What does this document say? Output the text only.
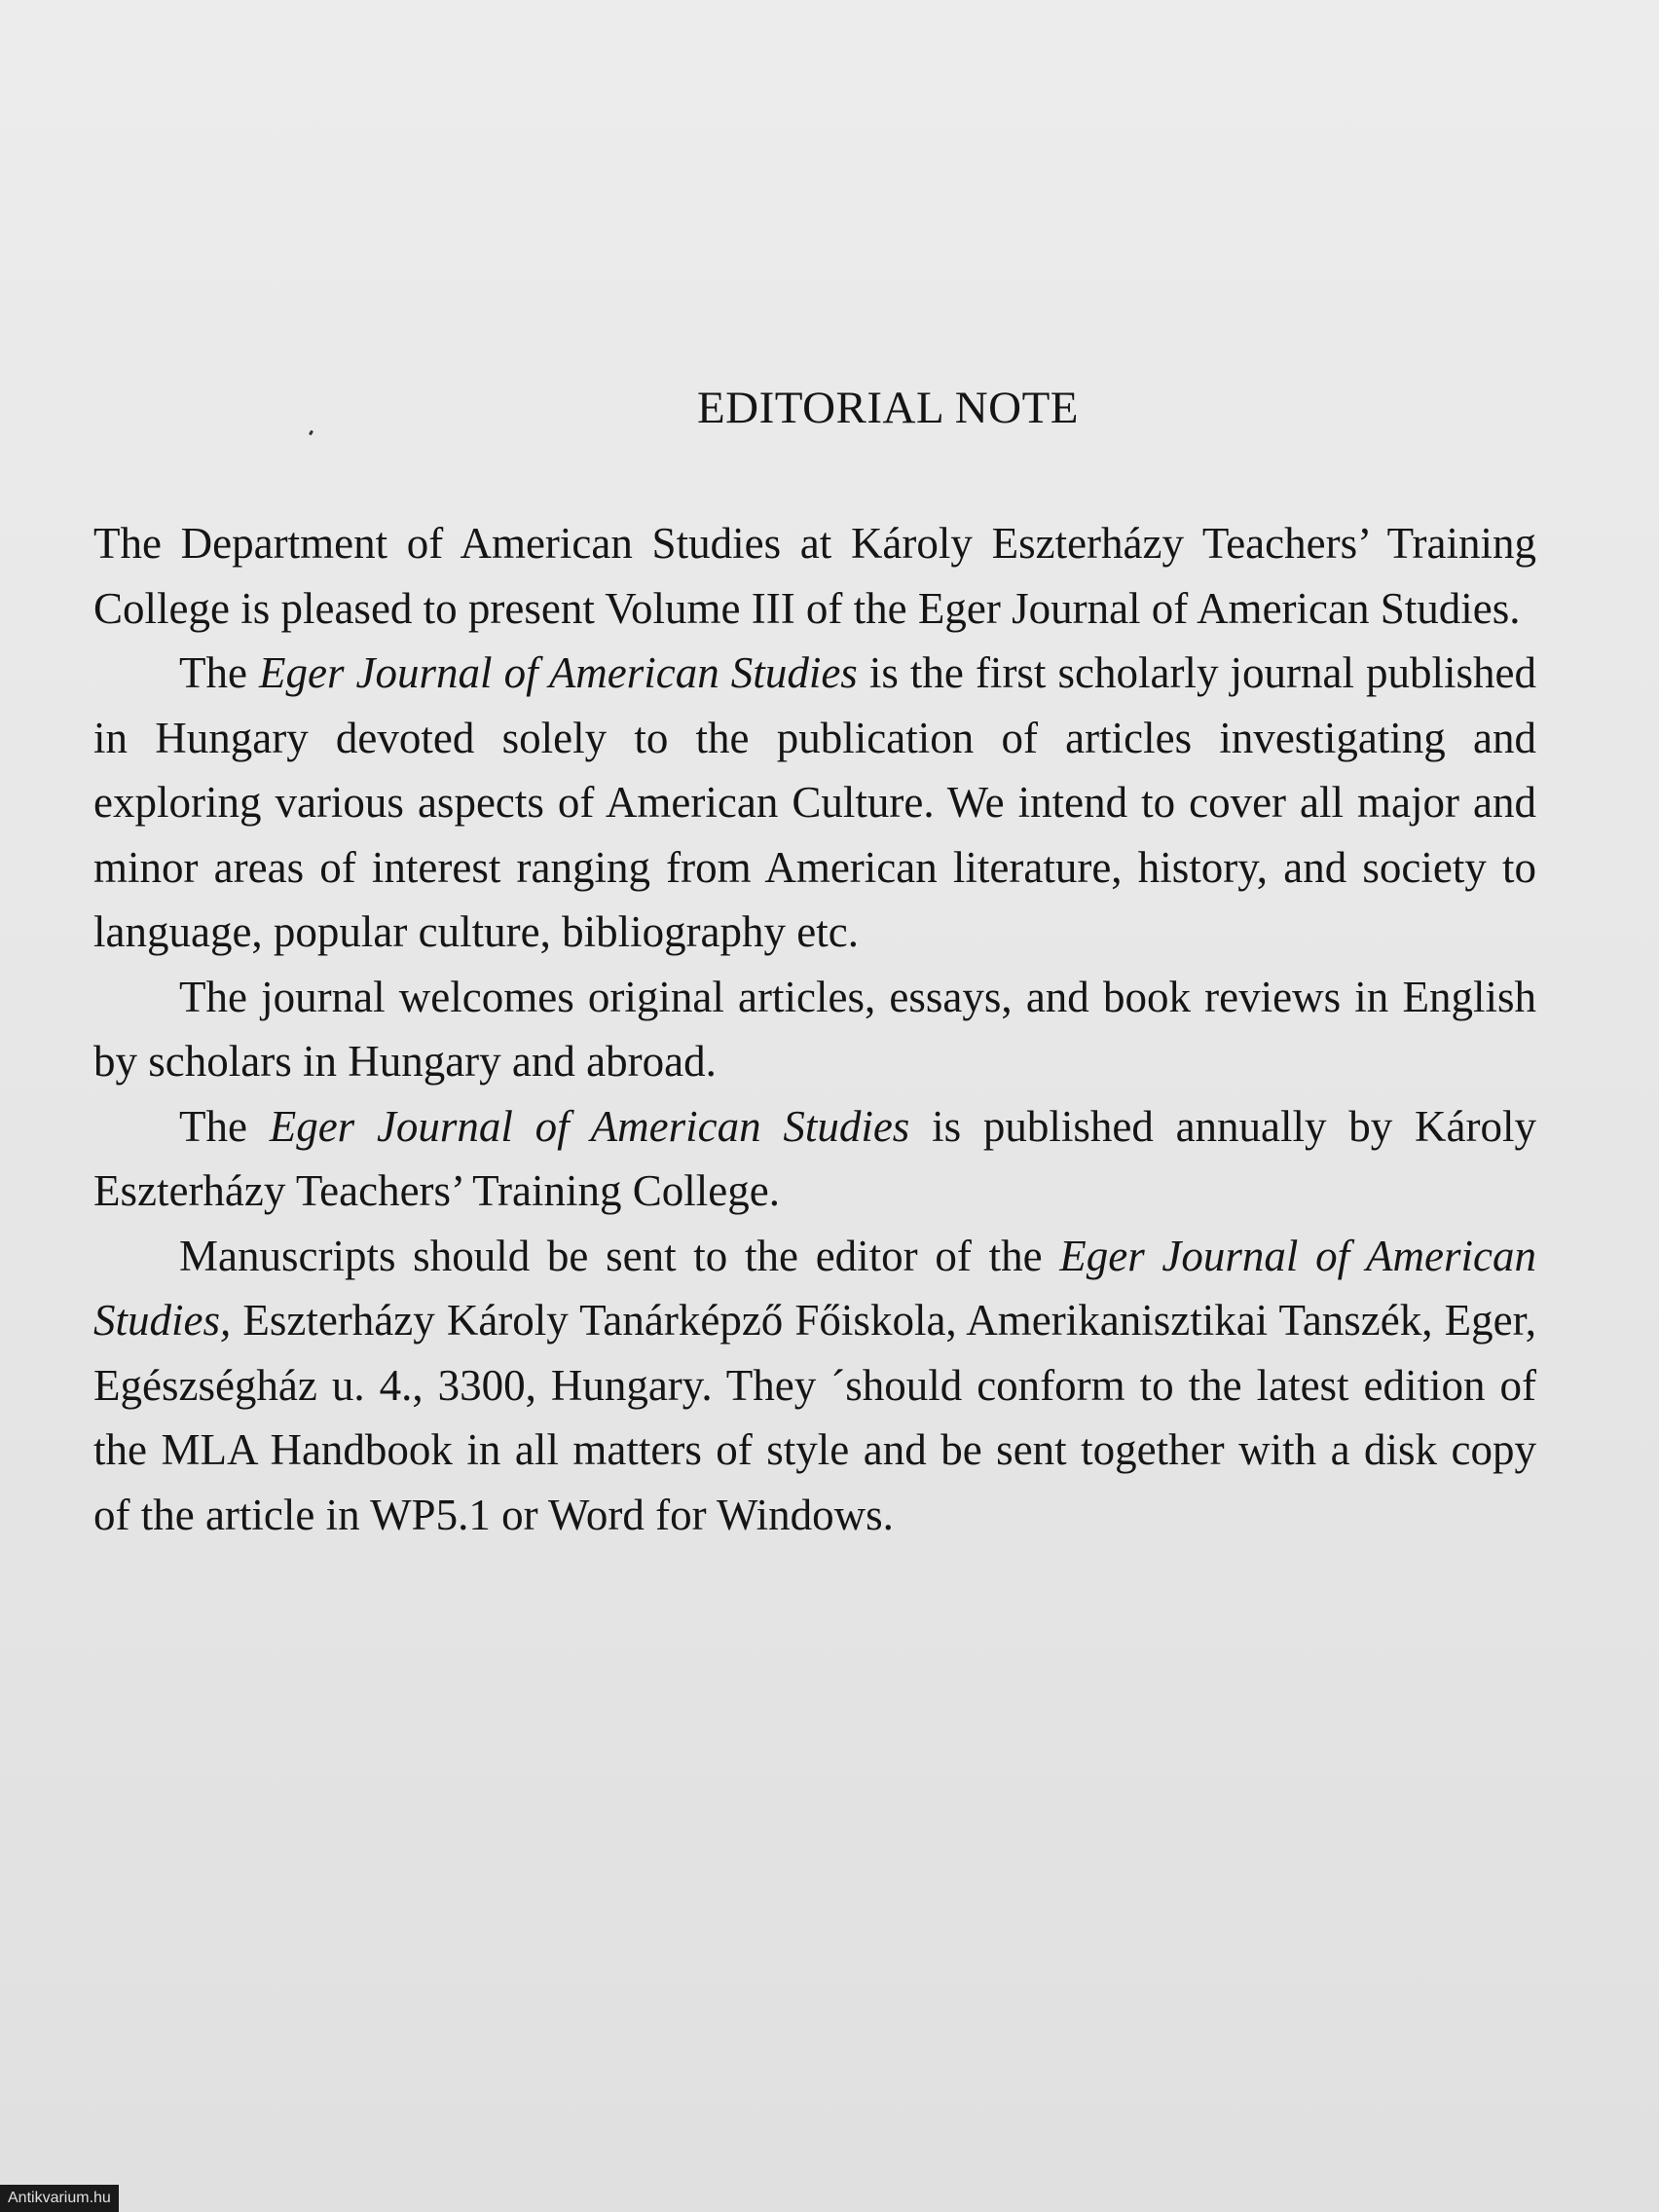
EDITORIAL NOTE

The Department of American Studies at Károly Eszterházy Teachers’ Training College is pleased to present Volume III of the Eger Journal of American Studies.

The Eger Journal of American Studies is the first scholarly journal published in Hungary devoted solely to the publication of articles investigating and exploring various aspects of American Culture. We intend to cover all major and minor areas of interest ranging from American literature, history, and society to language, popular culture, bibliography etc.

The journal welcomes original articles, essays, and book reviews in English by scholars in Hungary and abroad.

The Eger Journal of American Studies is published annually by Károly Eszterházy Teachers’ Training College.

Manuscripts should be sent to the editor of the Eger Journal of American Studies, Eszterházy Károly Tanárképző Főiskola, Amerikanisztikai Tanszék, Eger, Egészségház u. 4., 3300, Hungary. They ´should conform to the latest edition of the MLA Handbook in all matters of style and be sent together with a disk copy of the article in WP5.1 or Word for Windows.

Antikvarium.hu
